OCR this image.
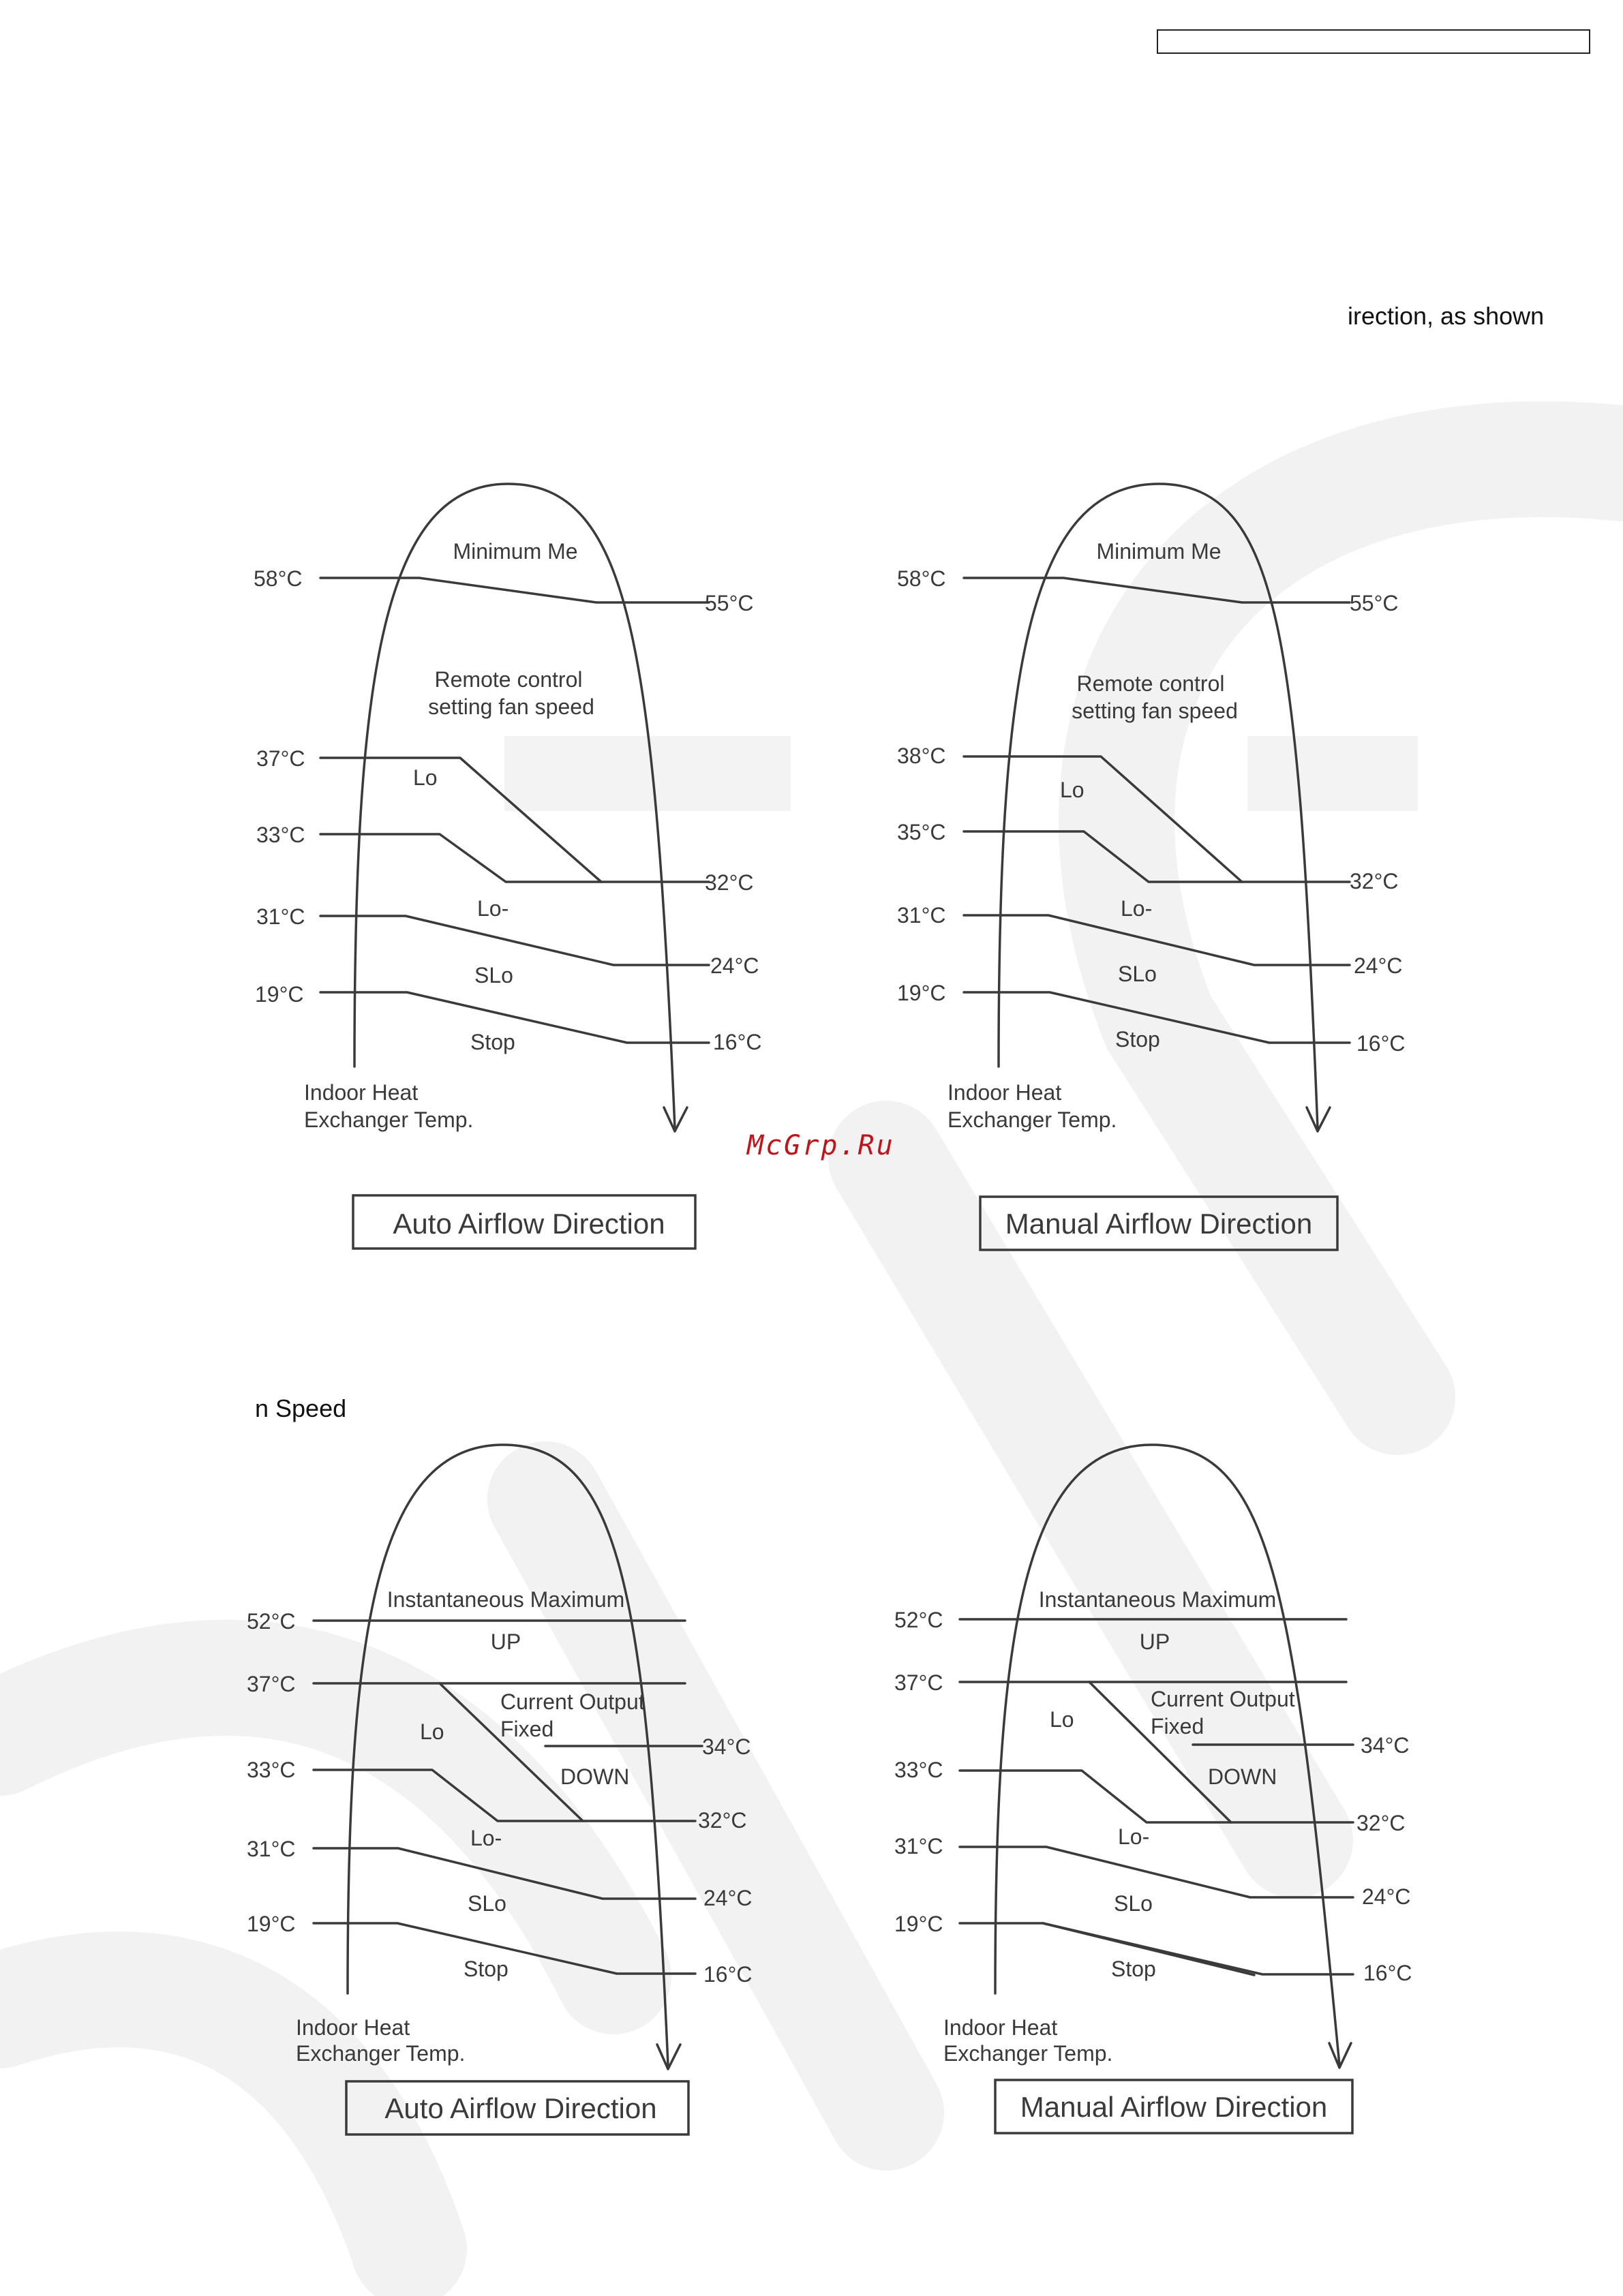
irection, as shown
n Speed
McGrp.Ru
Minimum Me
Remote control
setting fan speed
58°C
37°C
33°C
31°C
19°C
55°C
32°C
24°C
16°C
Lo
Lo-
SLo
Stop
Indoor Heat
Exchanger Temp.
Auto Airflow Direction
Minimum Me
Remote control
setting fan speed
58°C
38°C
35°C
31°C
19°C
55°C
32°C
24°C
16°C
Lo
Lo-
SLo
Stop
Indoor Heat
Exchanger Temp.
Manual Airflow Direction
Instantaneous Maximum
UP
Current Output
Fixed
DOWN
52°C
37°C
33°C
31°C
19°C
34°C
32°C
24°C
16°C
Lo
Lo-
SLo
Stop
Indoor Heat
Exchanger Temp.
Auto Airflow Direction
Instantaneous Maximum
UP
Current Output
Fixed
DOWN
52°C
37°C
33°C
31°C
19°C
34°C
32°C
24°C
16°C
Lo
Lo-
SLo
Stop
Indoor Heat
Exchanger Temp.
Manual Airflow Direction
